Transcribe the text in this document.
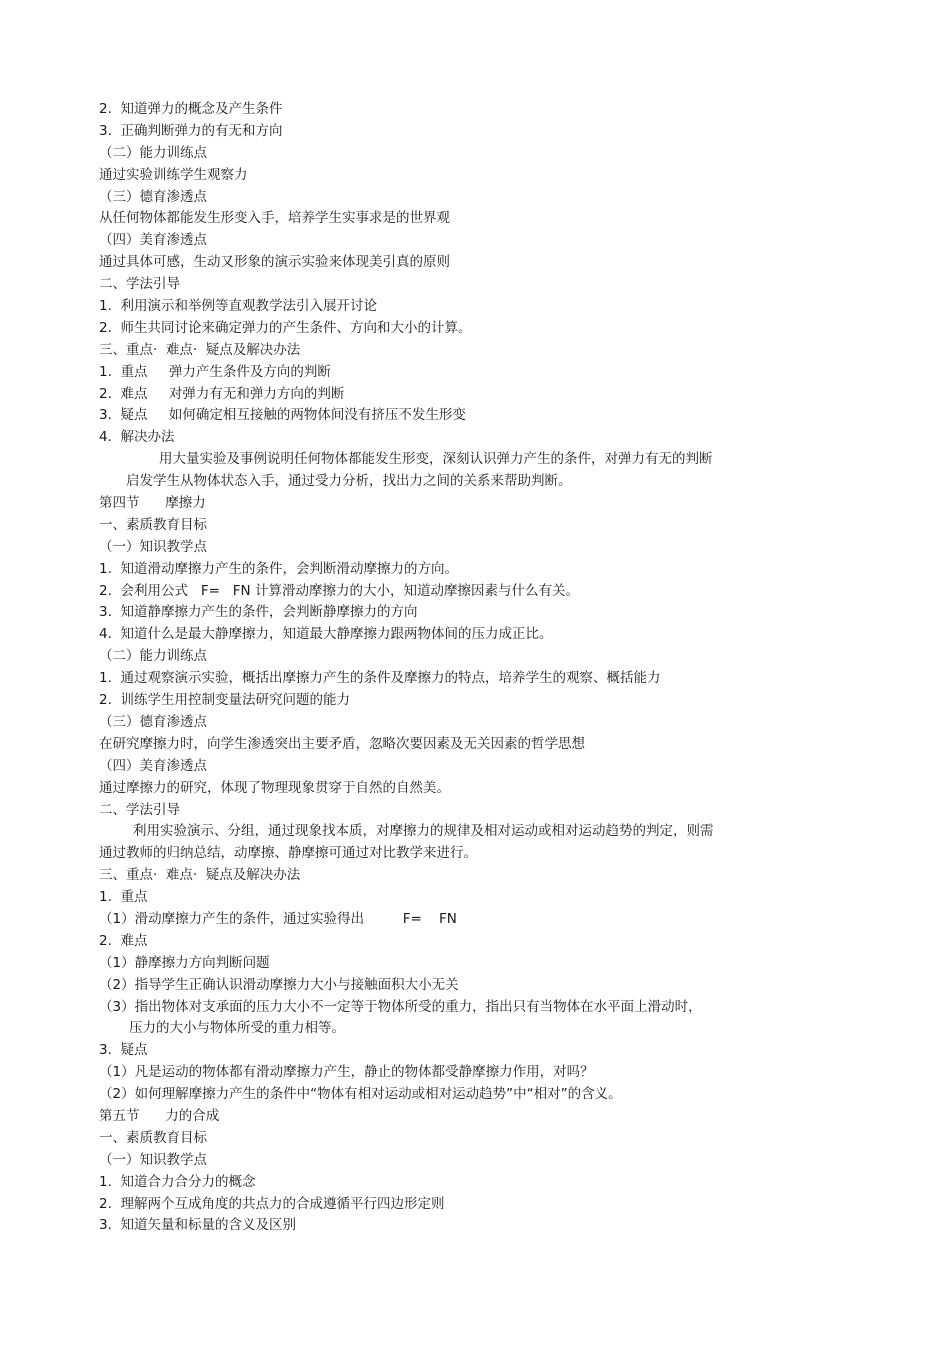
2.  知道弹力的概念及产生条件
3.  正确判断弹力的有无和方向
（二）能力训练点
通过实验训练学生观察力
（三）德育渗透点
从任何物体都能发生形变入手，培养学生实事求是的世界观
（四）美育渗透点
通过具体可感，生动又形象的演示实验来体现美引真的原则
二、学法引导
1.  利用演示和举例等直观教学法引入展开讨论
2.  师生共同讨论来确定弹力的产生条件、方向和大小的计算。
三、重点·  难点·  疑点及解决办法
1.  重点     弹力产生条件及方向的判断
2.  难点     对弹力有无和弹力方向的判断
3.  疑点     如何确定相互接触的两物体间没有挤压不发生形变
4.  解决办法
用大量实验及事例说明任何物体都能发生形变，深刻认识弹力产生的条件，对弹力有无的判断
启发学生从物体状态入手，通过受力分析，找出力之间的关系来帮助判断。
第四节      摩擦力
一、素质教育目标
（一）知识教学点
1.  知道滑动摩擦力产生的条件，会判断滑动摩擦力的方向。
2.  会利用公式   F=   FN 计算滑动摩擦力的大小，知道动摩擦因素与什么有关。
3.  知道静摩擦力产生的条件，会判断静摩擦力的方向
4.  知道什么是最大静摩擦力，知道最大静摩擦力跟两物体间的压力成正比。
（二）能力训练点
1.  通过观察演示实验，概括出摩擦力产生的条件及摩擦力的特点，培养学生的观察、概括能力
2.  训练学生用控制变量法研究问题的能力
（三）德育渗透点
在研究摩擦力时，向学生渗透突出主要矛盾，忽略次要因素及无关因素的哲学思想
（四）美育渗透点
通过摩擦力的研究，体现了物理现象贯穿于自然的自然美。
二、学法引导
利用实验演示、分组，通过现象找本质，对摩擦力的规律及相对运动或相对运动趋势的判定，则需
通过教师的归纳总结，动摩擦、静摩擦可通过对比教学来进行。
三、重点·  难点·  疑点及解决办法
1.  重点
（1）滑动摩擦力产生的条件，通过实验得出         F=    FN
2.  难点
（1）静摩擦力方向判断问题
（2）指导学生正确认识滑动摩擦力大小与接触面积大小无关
（3）指出物体对支承面的压力大小不一定等于物体所受的重力，指出只有当物体在水平面上滑动时，
压力的大小与物体所受的重力相等。
3.  疑点
（1）凡是运动的物体都有滑动摩擦力产生，静止的物体都受静摩擦力作用，对吗？
（2）如何理解摩擦力产生的条件中“物体有相对运动或相对运动趋势”中“相对”的含义。
第五节      力的合成
一、素质教育目标
（一）知识教学点
1.  知道合力合分力的概念
2.  理解两个互成角度的共点力的合成遵循平行四边形定则
3.  知道矢量和标量的含义及区别
